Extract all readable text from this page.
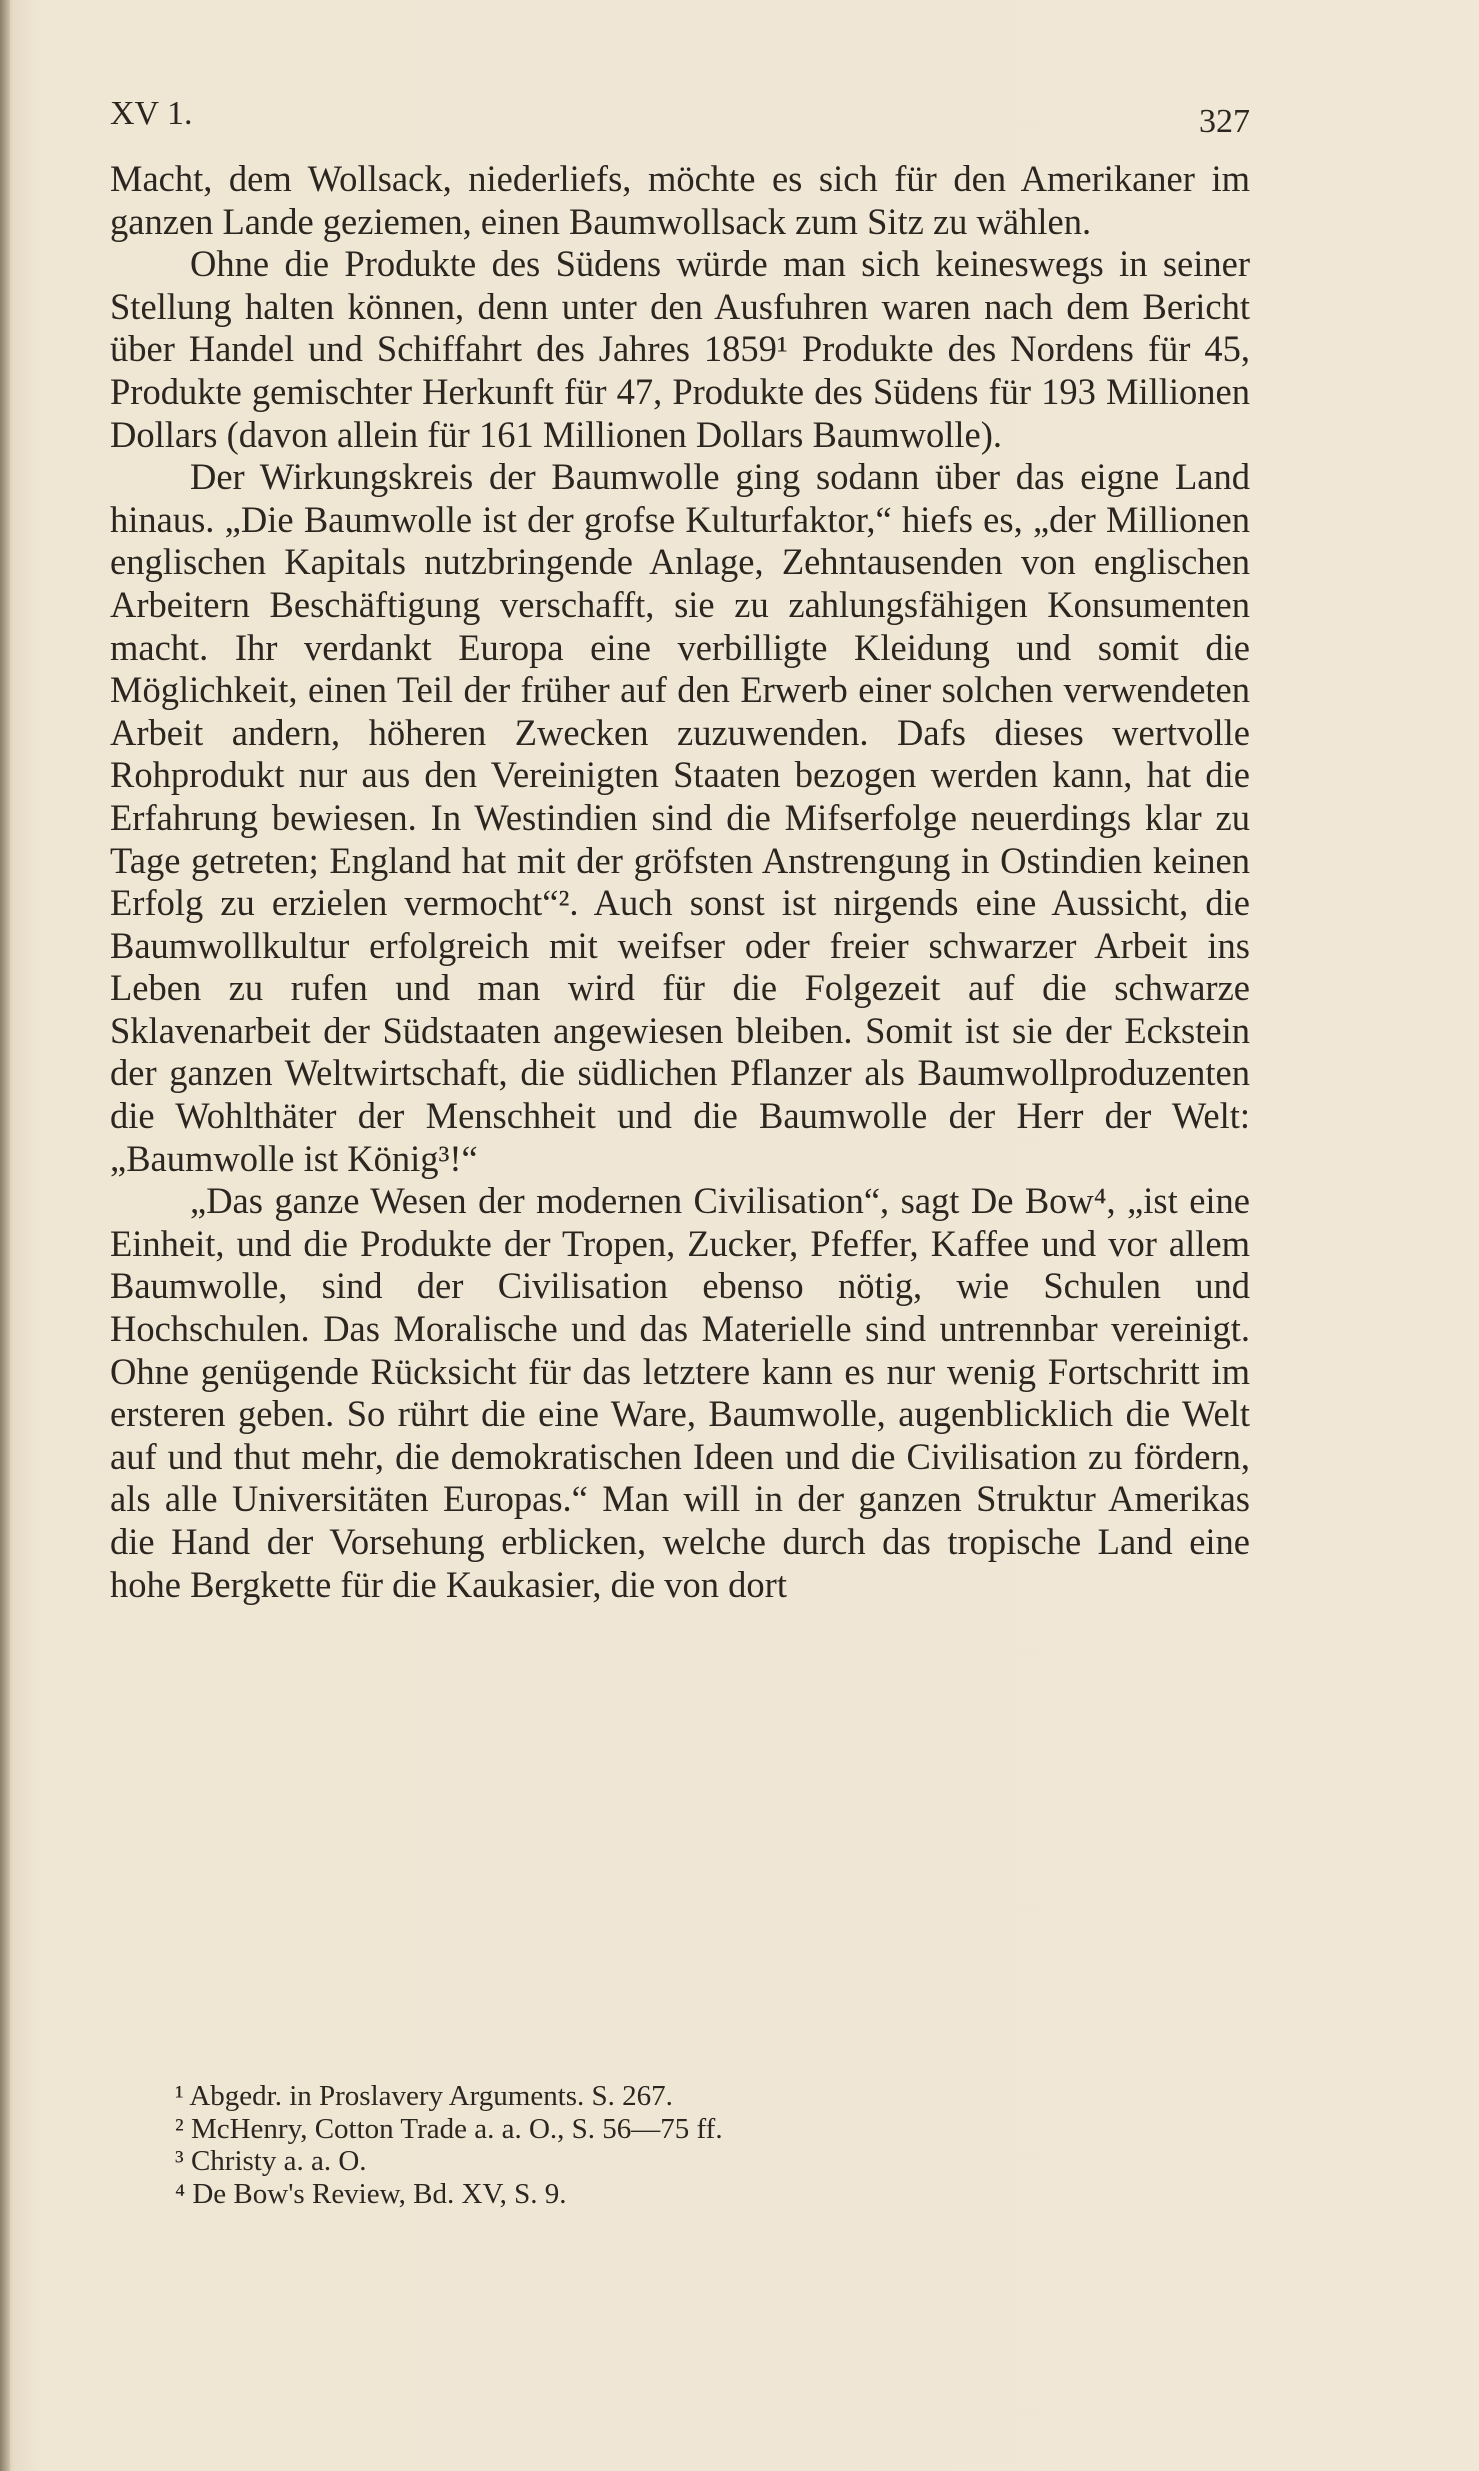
XV 1.	327

Macht, dem Wollsack, niederliefs, möchte es sich für den Amerikaner im ganzen Lande geziemen, einen Baumwollsack zum Sitz zu wählen.

Ohne die Produkte des Südens würde man sich keineswegs in seiner Stellung halten können, denn unter den Ausfuhren waren nach dem Bericht über Handel und Schiffahrt des Jahres 1859¹ Produkte des Nordens für 45, Produkte gemischter Herkunft für 47, Produkte des Südens für 193 Millionen Dollars (davon allein für 161 Millionen Dollars Baumwolle).

Der Wirkungskreis der Baumwolle ging sodann über das eigne Land hinaus. „Die Baumwolle ist der grofse Kulturfaktor,“ hiefs es, „der Millionen englischen Kapitals nutzbringende Anlage, Zehntausenden von englischen Arbeitern Beschäftigung verschafft, sie zu zahlungsfähigen Konsumenten macht. Ihr verdankt Europa eine verbilligte Kleidung und somit die Möglichkeit, einen Teil der früher auf den Erwerb einer solchen verwendeten Arbeit andern, höheren Zwecken zuzuwenden. Dafs dieses wertvolle Rohprodukt nur aus den Vereinigten Staaten bezogen werden kann, hat die Erfahrung bewiesen. In Westindien sind die Mifserfolge neuerdings klar zu Tage getreten; England hat mit der gröfsten Anstrengung in Ostindien keinen Erfolg zu erzielen vermocht“². Auch sonst ist nirgends eine Aussicht, die Baumwollkultur erfolgreich mit weifser oder freier schwarzer Arbeit ins Leben zu rufen und man wird für die Folgezeit auf die schwarze Sklavenarbeit der Südstaaten angewiesen bleiben. Somit ist sie der Eckstein der ganzen Weltwirtschaft, die südlichen Pflanzer als Baumwollproduzenten die Wohlthäter der Menschheit und die Baumwolle der Herr der Welt: „Baumwolle ist König³!“

„Das ganze Wesen der modernen Civilisation“, sagt De Bow⁴, „ist eine Einheit, und die Produkte der Tropen, Zucker, Pfeffer, Kaffee und vor allem Baumwolle, sind der Civilisation ebenso nötig, wie Schulen und Hochschulen. Das Moralische und das Materielle sind untrennbar vereinigt. Ohne genügende Rücksicht für das letztere kann es nur wenig Fortschritt im ersteren geben. So rührt die eine Ware, Baumwolle, augenblicklich die Welt auf und thut mehr, die demokratischen Ideen und die Civilisation zu fördern, als alle Universitäten Europas.“ Man will in der ganzen Struktur Amerikas die Hand der Vorsehung erblicken, welche durch das tropische Land eine hohe Bergkette für die Kaukasier, die von dort

¹ Abgedr. in Proslavery Arguments. S. 267.
² McHenry, Cotton Trade a. a. O., S. 56—75 ff.
³ Christy a. a. O.
⁴ De Bow's Review, Bd. XV, S. 9.
